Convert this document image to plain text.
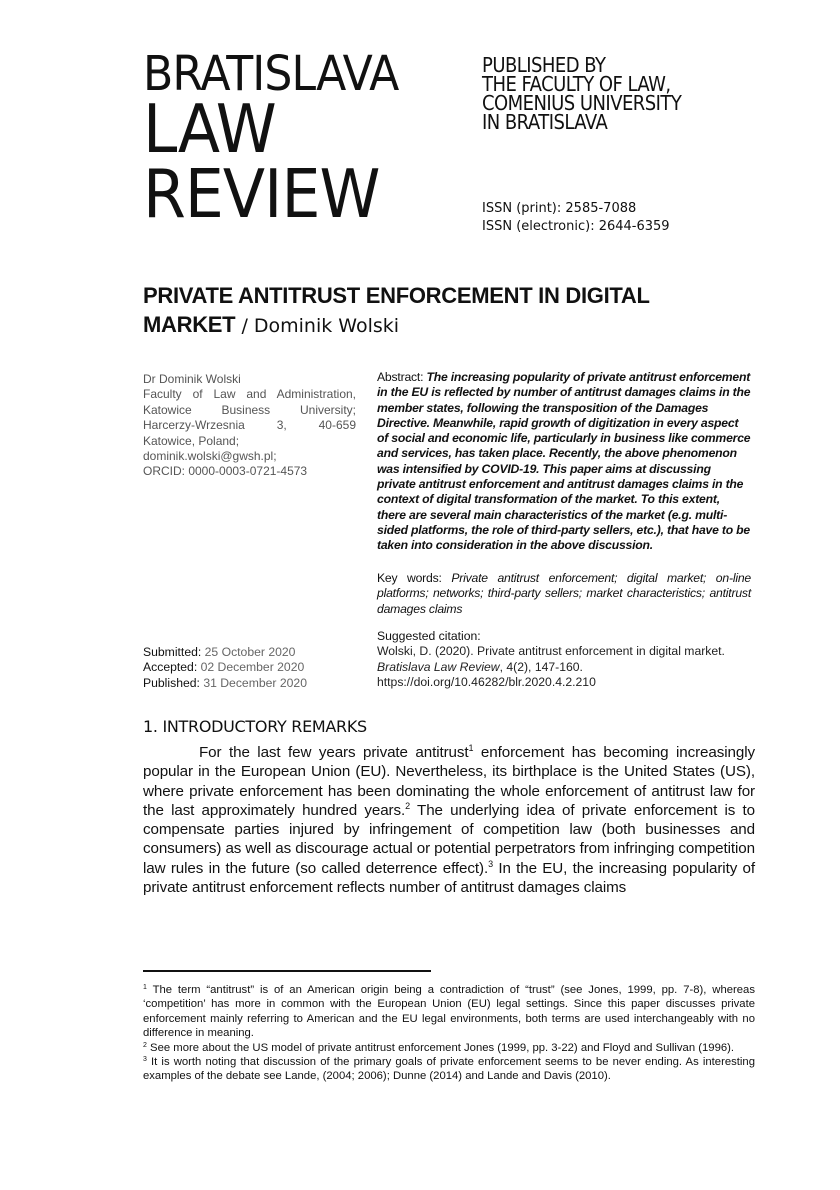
BRATISLAVA
LAW
REVIEW
PUBLISHED BY
THE FACULTY OF LAW,
COMENIUS UNIVERSITY
IN BRATISLAVA
ISSN (print): 2585-7088
ISSN (electronic): 2644-6359
PRIVATE ANTITRUST ENFORCEMENT IN DIGITAL
MARKET / Dominik Wolski
Dr Dominik Wolski
Faculty of Law and Administration,
Katowice Business University;
Harcerzy-Wrzesnia 3, 40-659
Katowice, Poland;
dominik.wolski@gwsh.pl;
ORCID: 0000-0003-0721-4573
Abstract: The increasing popularity of private antitrust enforcement in the EU is reflected by number of antitrust damages claims in the member states, following the transposition of the Damages Directive. Meanwhile, rapid growth of digitization in every aspect of social and economic life, particularly in business like commerce and services, has taken place. Recently, the above phenomenon was intensified by COVID-19. This paper aims at discussing private antitrust enforcement and antitrust damages claims in the context of digital transformation of the market. To this extent, there are several main characteristics of the market (e.g. multi-sided platforms, the role of third-party sellers, etc.), that have to be taken into consideration in the above discussion.
Key words: Private antitrust enforcement; digital market; on-line platforms; networks; third-party sellers; market characteristics; antitrust damages claims
Suggested citation:
Wolski, D. (2020). Private antitrust enforcement in digital market.
Bratislava Law Review, 4(2), 147-160.
https://doi.org/10.46282/blr.2020.4.2.210
Submitted: 25 October 2020
Accepted: 02 December 2020
Published: 31 December 2020
1. INTRODUCTORY REMARKS
For the last few years private antitrust$^1$ enforcement has becoming increasingly popular in the European Union (EU). Nevertheless, its birthplace is the United States (US), where private enforcement has been dominating the whole enforcement of antitrust law for the last approximately hundred years.$^2$ The underlying idea of private enforcement is to compensate parties injured by infringement of competition law (both businesses and consumers) as well as discourage actual or potential perpetrators from infringing competition law rules in the future (so called deterrence effect).$^3$ In the EU, the increasing popularity of private antitrust enforcement reflects number of antitrust damages claims

$^1$ The term “antitrust” is of an American origin being a contradiction of “trust” (see Jones, 1999, pp. 7-8), whereas ‘competition’ has more in common with the European Union (EU) legal settings. Since this paper discusses private enforcement mainly referring to American and the EU legal environments, both terms are used interchangeably with no difference in meaning.

$^2$ See more about the US model of private antitrust enforcement Jones (1999, pp. 3-22) and Floyd and Sullivan (1996).

$^3$ It is worth noting that discussion of the primary goals of private enforcement seems to be never ending. As interesting examples of the debate see Lande, (2004; 2006); Dunne (2014) and Lande and Davis (2010).
